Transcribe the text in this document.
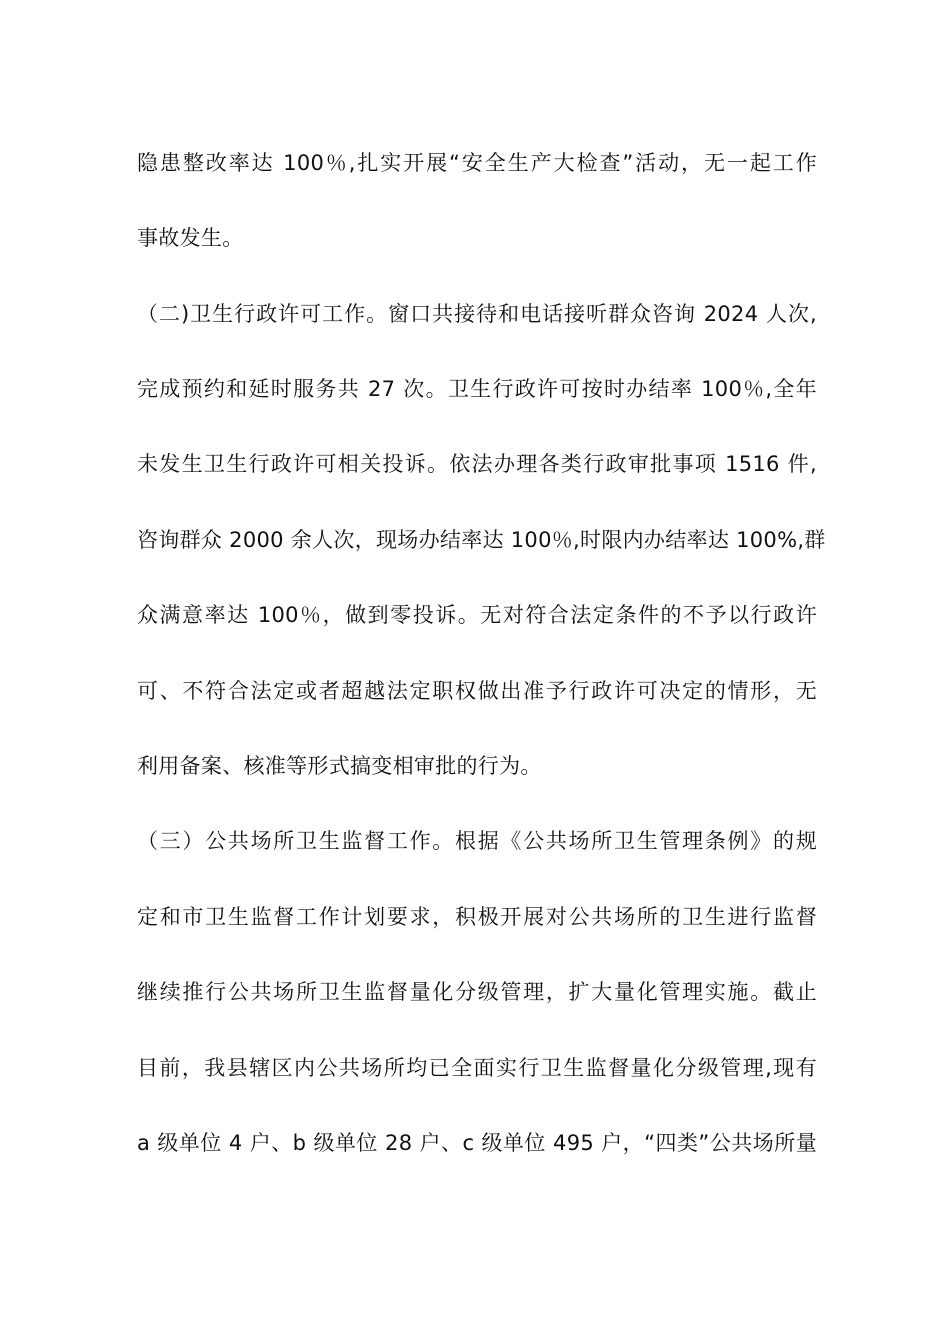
隐患整改率达 100％,扎实开展“安全生产大检查”活动，无一起工作
事故发生。
（二)卫生行政许可工作。窗口共接待和电话接听群众咨询 2024 人次,
完成预约和延时服务共 27 次。卫生行政许可按时办结率 100％,全年
未发生卫生行政许可相关投诉。依法办理各类行政审批事项 1516 件,
咨询群众 2000 余人次，现场办结率达 100％,时限内办结率达 100%,群
众满意率达 100％，做到零投诉。无对符合法定条件的不予以行政许
可、不符合法定或者超越法定职权做出准予行政许可决定的情形，无
利用备案、核准等形式搞变相审批的行为。
（三）公共场所卫生监督工作。根据《公共场所卫生管理条例》的规
定和市卫生监督工作计划要求，积极开展对公共场所的卫生进行监督
继续推行公共场所卫生监督量化分级管理，扩大量化管理实施。截止
目前，我县辖区内公共场所均已全面实行卫生监督量化分级管理,现有
a 级单位 4 户、b 级单位 28 户、c 级单位 495 户，“四类”公共场所量
